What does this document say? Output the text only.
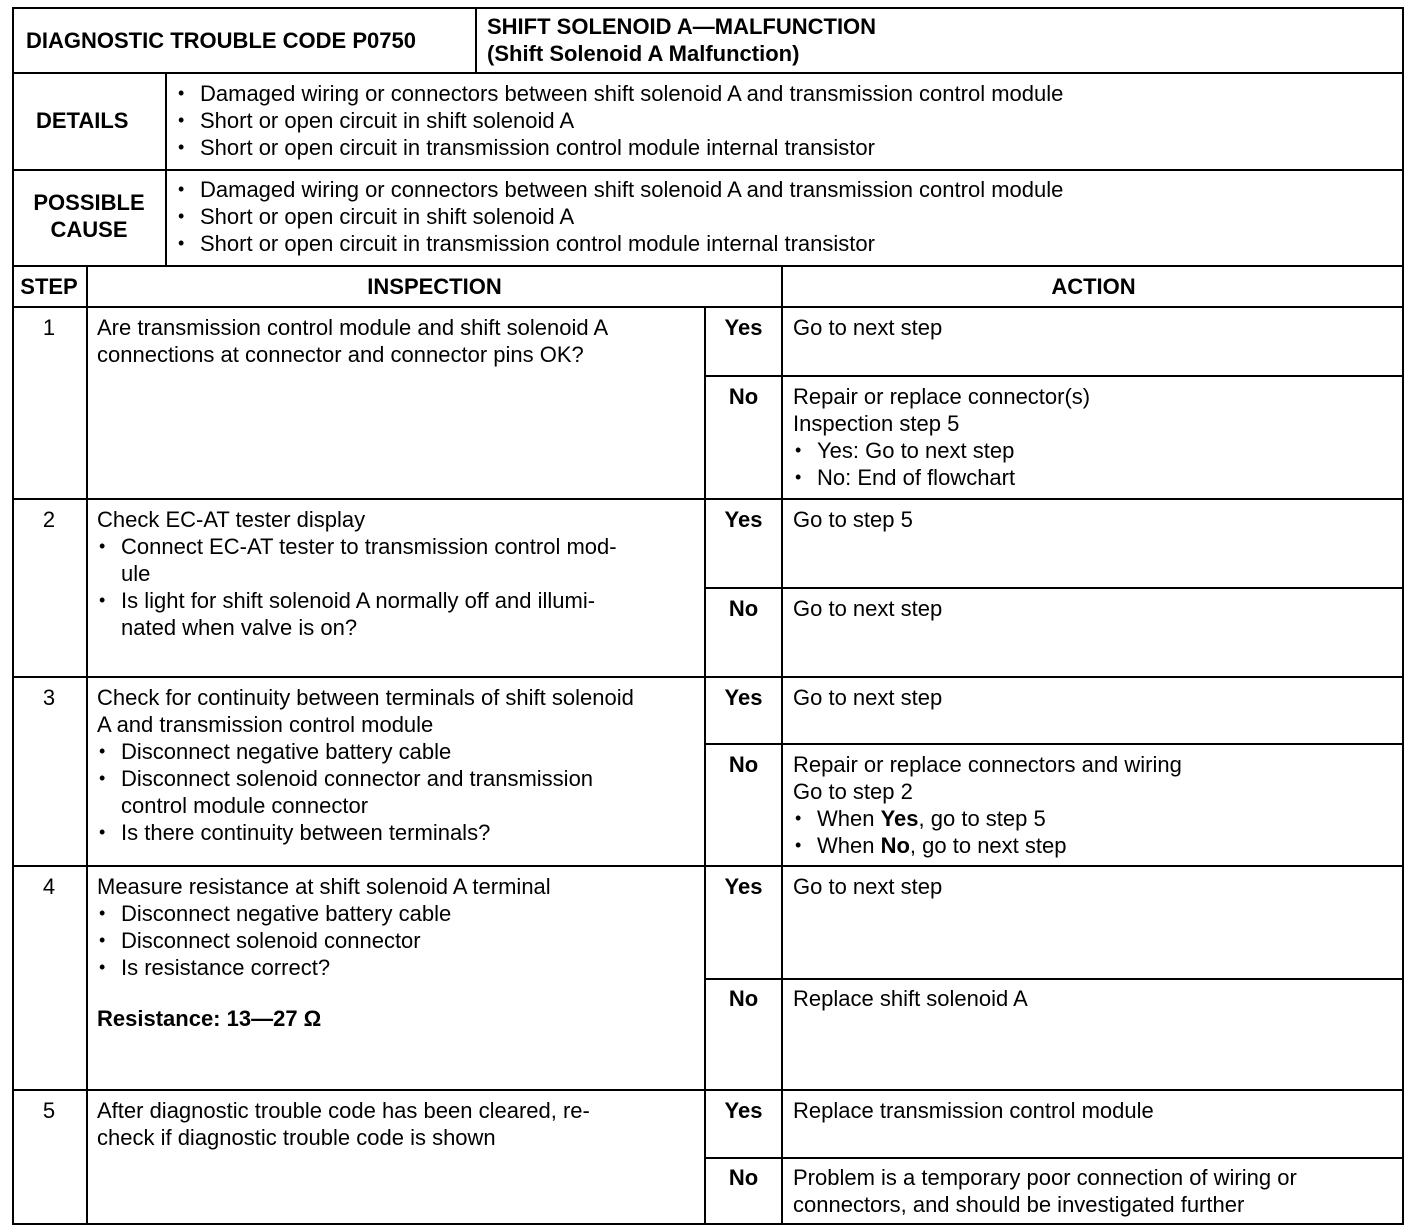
DIAGNOSTIC TROUBLE CODE P0750
SHIFT SOLENOID A—MALFUNCTION
(Shift Solenoid A Malfunction)
DETAILS
• Damaged wiring or connectors between shift solenoid A and transmission control module
• Short or open circuit in shift solenoid A
• Short or open circuit in transmission control module internal transistor
POSSIBLE
CAUSE
• Damaged wiring or connectors between shift solenoid A and transmission control module
• Short or open circuit in shift solenoid A
• Short or open circuit in transmission control module internal transistor
STEP	INSPECTION	ACTION
1	Are transmission control module and shift solenoid A
connections at connector and connector pins OK?
Yes	Go to next step
No	Repair or replace connector(s)
Inspection step 5
• Yes: Go to next step
• No: End of flowchart
2	Check EC-AT tester display
• Connect EC-AT tester to transmission control mod-
ule
• Is light for shift solenoid A normally off and illumi-
nated when valve is on?
Yes	Go to step 5
No	Go to next step
3	Check for continuity between terminals of shift solenoid
A and transmission control module
• Disconnect negative battery cable
• Disconnect solenoid connector and transmission
control module connector
• Is there continuity between terminals?
Yes	Go to next step
No	Repair or replace connectors and wiring
Go to step 2
• When Yes, go to step 5
• When No, go to next step
4	Measure resistance at shift solenoid A terminal
• Disconnect negative battery cable
• Disconnect solenoid connector
• Is resistance correct?
Resistance: 13—27 Ω
Yes	Go to next step
No	Replace shift solenoid A
5	After diagnostic trouble code has been cleared, re-
check if diagnostic trouble code is shown
Yes	Replace transmission control module
No	Problem is a temporary poor connection of wiring or
connectors, and should be investigated further
